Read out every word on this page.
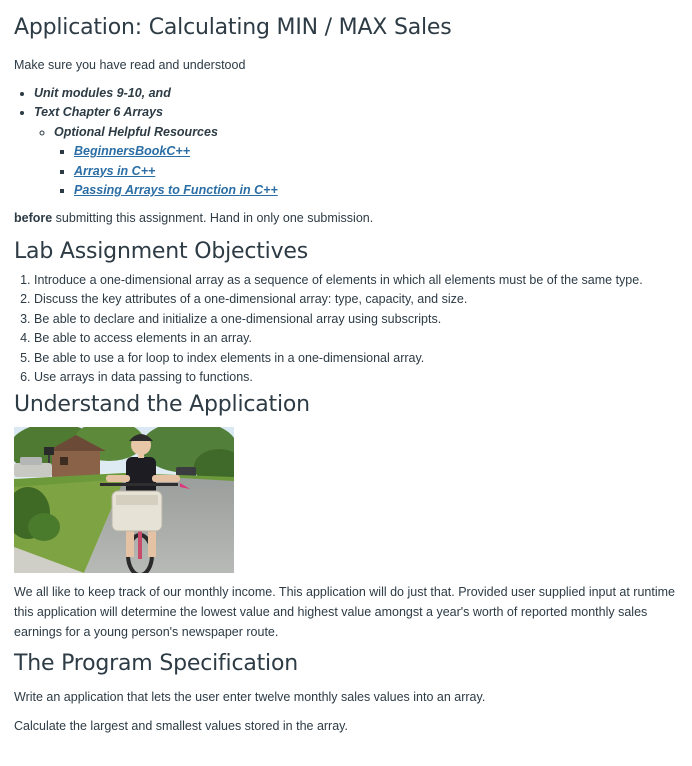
Application: Calculating MIN / MAX Sales

Make sure you have read and understood

• Unit modules 9-10, and
• Text Chapter 6 Arrays
◦ Optional Helpful Resources
▪ BeginnersBookC++
▪ Arrays in C++
▪ Passing Arrays to Function in C++

before submitting this assignment. Hand in only one submission.

Lab Assignment Objectives
1. Introduce a one-dimensional array as a sequence of elements in which all elements must be of the same type.
2. Discuss the key attributes of a one-dimensional array: type, capacity, and size.
3. Be able to declare and initialize a one-dimensional array using subscripts.
4. Be able to access elements in an array.
5. Be able to use a for loop to index elements in a one-dimensional array.
6. Use arrays in data passing to functions.
Understand the Application

We all like to keep track of our monthly income. This application will do just that. Provided user supplied input at runtime this application will determine the lowest value and highest value amongst a year's worth of reported monthly sales earnings for a young person's newspaper route.

The Program Specification

Write an application that lets the user enter twelve monthly sales values into an array.

Calculate the largest and smallest values stored in the array.
